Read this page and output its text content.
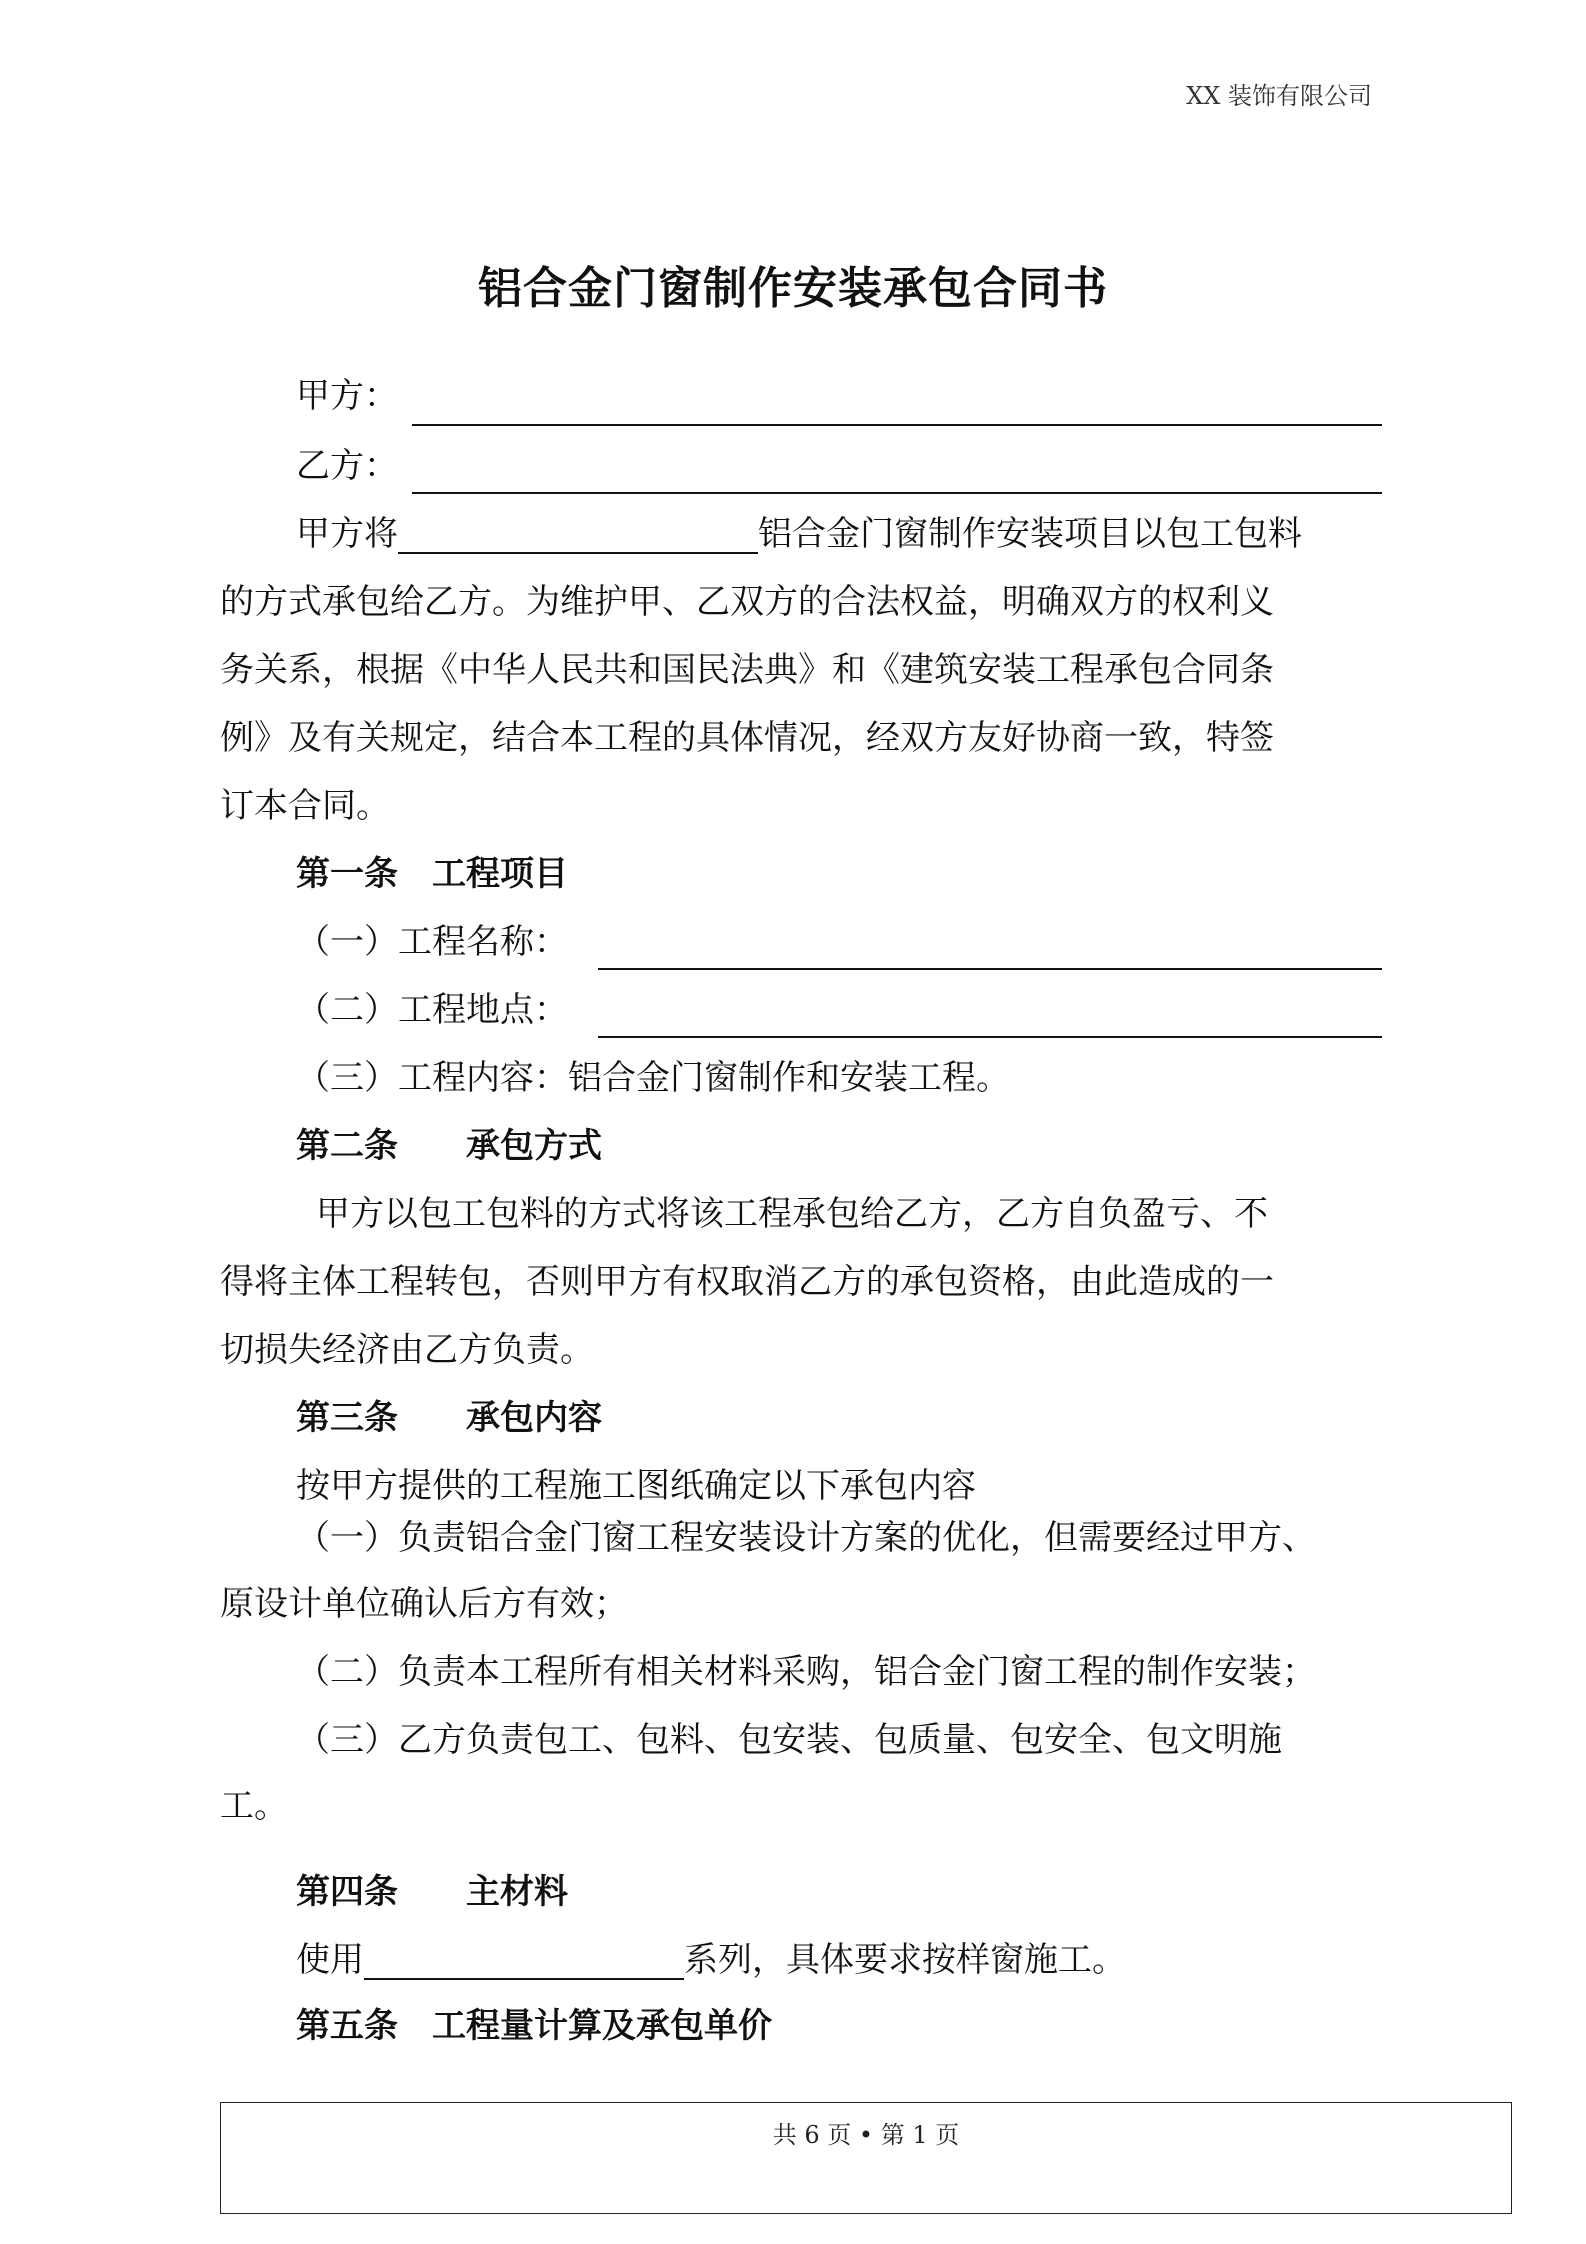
XX 装饰有限公司
铝合金门窗制作安装承包合同书
甲方：
乙方：
甲方将	铝合金门窗制作安装项目以包工包料
的方式承包给乙方。为维护甲、乙双方的合法权益，明确双方的权利义
务关系，根据《中华人民共和国民法典》和《建筑安装工程承包合同条
例》及有关规定，结合本工程的具体情况，经双方友好协商一致，特签
订本合同。
第一条　工程项目
（一）工程名称：
（二）工程地点：
（三）工程内容：铝合金门窗制作和安装工程。
第二条　　承包方式
甲方以包工包料的方式将该工程承包给乙方，乙方自负盈亏、不
得将主体工程转包，否则甲方有权取消乙方的承包资格，由此造成的一
切损失经济由乙方负责。
第三条　　承包内容
按甲方提供的工程施工图纸确定以下承包内容
（一）负责铝合金门窗工程安装设计方案的优化，但需要经过甲方、
原设计单位确认后方有效；
（二）负责本工程所有相关材料采购，铝合金门窗工程的制作安装；
（三）乙方负责包工、包料、包安装、包质量、包安全、包文明施
工。
第四条　　主材料
使用	系列，具体要求按样窗施工。
第五条　工程量计算及承包单价
共 6 页 • 第 1 页
